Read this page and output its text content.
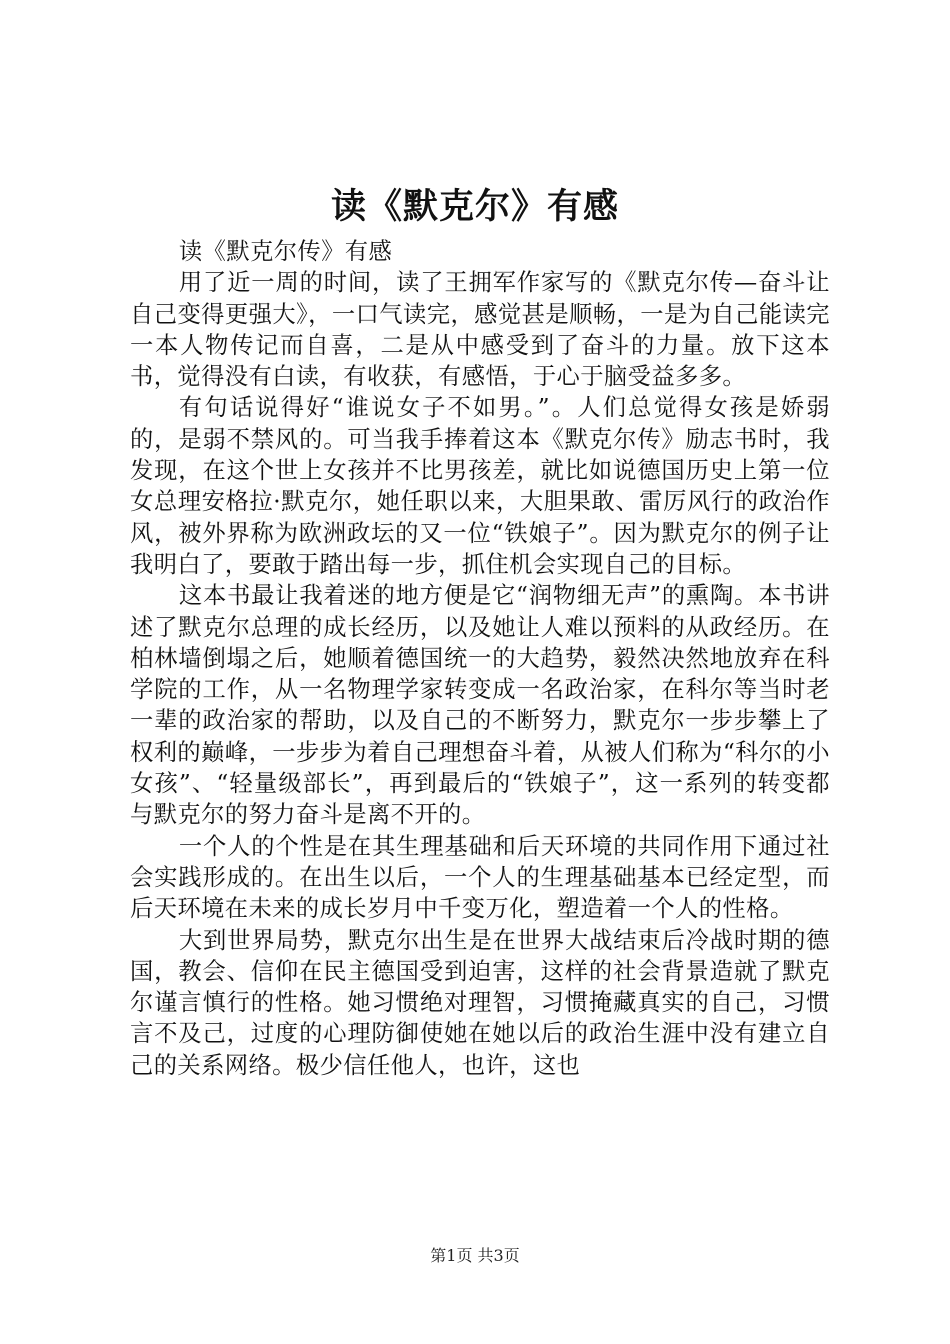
读《默克尔》有感

读《默克尔传》有感

用了近一周的时间，读了王拥军作家写的《默克尔传—奋斗让自己变得更强大》，一口气读完，感觉甚是顺畅，一是为自己能读完一本人物传记而自喜，二是从中感受到了奋斗的力量。放下这本书，觉得没有白读，有收获，有感悟，于心于脑受益多多。

有句话说得好“谁说女子不如男。”。人们总觉得女孩是娇弱的，是弱不禁风的。可当我手捧着这本《默克尔传》励志书时，我发现，在这个世上女孩并不比男孩差，就比如说德国历史上第一位女总理安格拉·默克尔，她任职以来，大胆果敢、雷厉风行的政治作风，被外界称为欧洲政坛的又一位“铁娘子”。因为默克尔的例子让我明白了，要敢于踏出每一步，抓住机会实现自己的目标。

这本书最让我着迷的地方便是它“润物细无声”的熏陶。本书讲述了默克尔总理的成长经历，以及她让人难以预料的从政经历。在柏林墙倒塌之后，她顺着德国统一的大趋势，毅然决然地放弃在科学院的工作，从一名物理学家转变成一名政治家，在科尔等当时老一辈的政治家的帮助，以及自己的不断努力，默克尔一步步攀上了权利的巅峰，一步步为着自己理想奋斗着，从被人们称为“科尔的小女孩”、“轻量级部长”，再到最后的“铁娘子”，这一系列的转变都与默克尔的努力奋斗是离不开的。

一个人的个性是在其生理基础和后天环境的共同作用下通过社会实践形成的。在出生以后，一个人的生理基础基本已经定型，而后天环境在未来的成长岁月中千变万化，塑造着一个人的性格。

大到世界局势，默克尔出生是在世界大战结束后冷战时期的德国，教会、信仰在民主德国受到迫害，这样的社会背景造就了默克尔谨言慎行的性格。她习惯绝对理智，习惯掩藏真实的自己，习惯言不及己，过度的心理防御使她在她以后的政治生涯中没有建立自己的关系网络。极少信任他人，也许，这也

第1页 共3页
